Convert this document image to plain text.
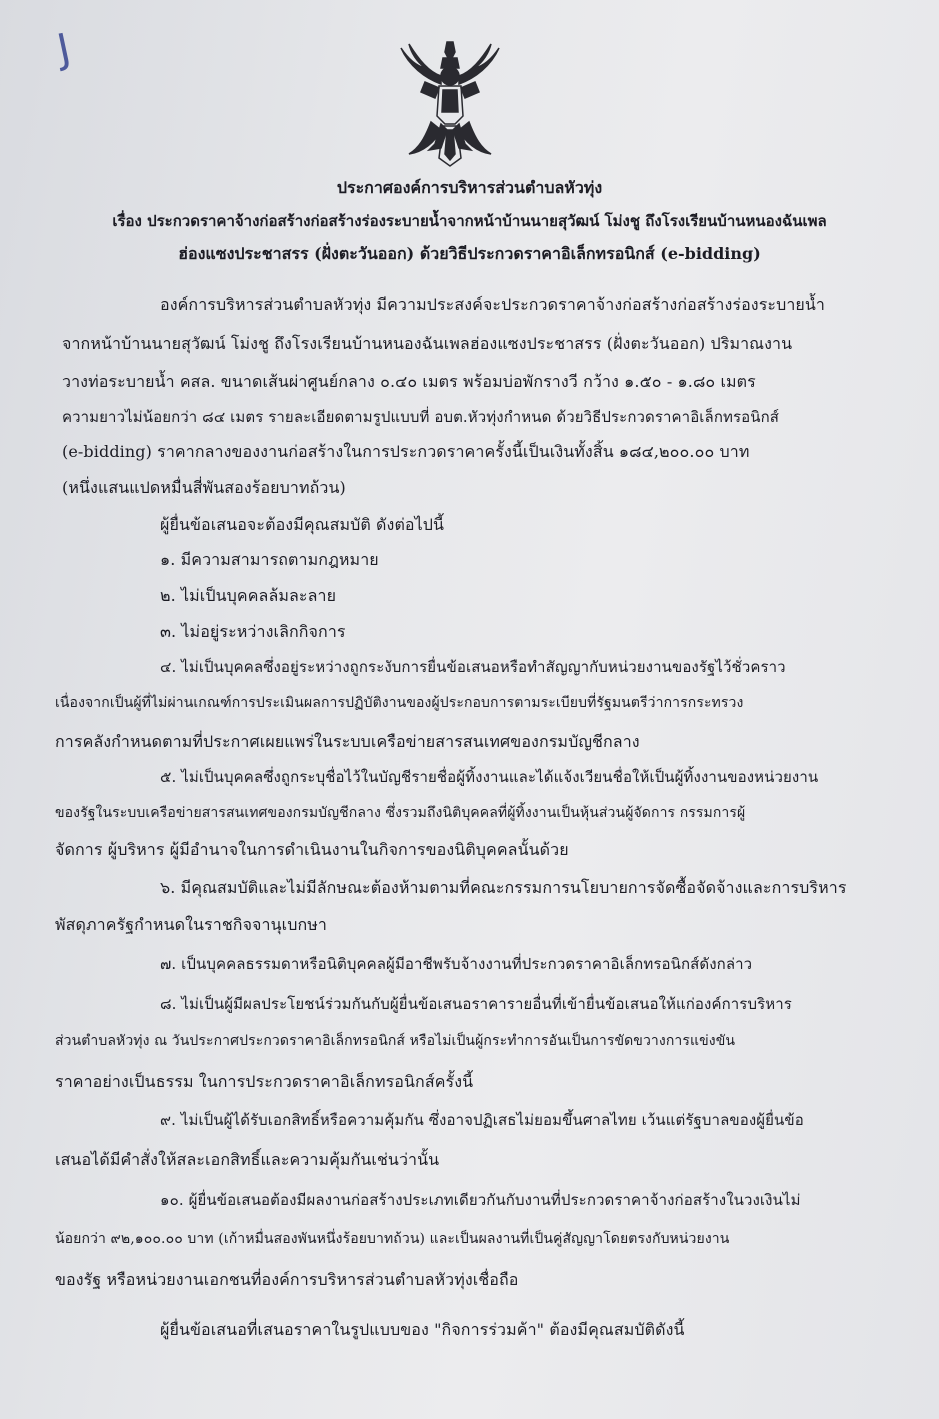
J
ประกาศองค์การบริหารส่วนตำบลหัวทุ่ง
เรื่อง ประกวดราคาจ้างก่อสร้างก่อสร้างร่องระบายน้ำจากหน้าบ้านนายสุวัฒน์ โม่งชู ถึงโรงเรียนบ้านหนองฉันเพล
ฮ่องแซงประชาสรร (ฝั่งตะวันออก) ด้วยวิธีประกวดราคาอิเล็กทรอนิกส์ (e-bidding)
องค์การบริหารส่วนตำบลหัวทุ่ง มีความประสงค์จะประกวดราคาจ้างก่อสร้างก่อสร้างร่องระบายน้ำ
จากหน้าบ้านนายสุวัฒน์ โม่งชู ถึงโรงเรียนบ้านหนองฉันเพลฮ่องแซงประชาสรร (ฝั่งตะวันออก) ปริมาณงาน
วางท่อระบายน้ำ คสล. ขนาดเส้นผ่าศูนย์กลาง ๐.๔๐ เมตร พร้อมบ่อพักรางวี กว้าง ๑.๕๐ - ๑.๘๐ เมตร
ความยาวไม่น้อยกว่า ๘๔ เมตร รายละเอียดตามรูปแบบที่ อบต.หัวทุ่งกำหนด ด้วยวิธีประกวดราคาอิเล็กทรอนิกส์
(e-bidding) ราคากลางของงานก่อสร้างในการประกวดราคาครั้งนี้เป็นเงินทั้งสิ้น ๑๘๔,๒๐๐.๐๐ บาท
(หนึ่งแสนแปดหมื่นสี่พันสองร้อยบาทถ้วน)
ผู้ยื่นข้อเสนอจะต้องมีคุณสมบัติ ดังต่อไปนี้
๑. มีความสามารถตามกฎหมาย
๒. ไม่เป็นบุคคลล้มละลาย
๓. ไม่อยู่ระหว่างเลิกกิจการ
๔. ไม่เป็นบุคคลซึ่งอยู่ระหว่างถูกระงับการยื่นข้อเสนอหรือทำสัญญากับหน่วยงานของรัฐไว้ชั่วคราว
เนื่องจากเป็นผู้ที่ไม่ผ่านเกณฑ์การประเมินผลการปฏิบัติงานของผู้ประกอบการตามระเบียบที่รัฐมนตรีว่าการกระทรวง
การคลังกำหนดตามที่ประกาศเผยแพร่ในระบบเครือข่ายสารสนเทศของกรมบัญชีกลาง
๕. ไม่เป็นบุคคลซึ่งถูกระบุชื่อไว้ในบัญชีรายชื่อผู้ทิ้งงานและได้แจ้งเวียนชื่อให้เป็นผู้ทิ้งงานของหน่วยงาน
ของรัฐในระบบเครือข่ายสารสนเทศของกรมบัญชีกลาง ซึ่งรวมถึงนิติบุคคลที่ผู้ทิ้งงานเป็นหุ้นส่วนผู้จัดการ กรรมการผู้
จัดการ ผู้บริหาร ผู้มีอำนาจในการดำเนินงานในกิจการของนิติบุคคลนั้นด้วย
๖. มีคุณสมบัติและไม่มีลักษณะต้องห้ามตามที่คณะกรรมการนโยบายการจัดซื้อจัดจ้างและการบริหาร
พัสดุภาครัฐกำหนดในราชกิจจานุเบกษา
๗. เป็นบุคคลธรรมดาหรือนิติบุคคลผู้มีอาชีพรับจ้างงานที่ประกวดราคาอิเล็กทรอนิกส์ดังกล่าว
๘. ไม่เป็นผู้มีผลประโยชน์ร่วมกันกับผู้ยื่นข้อเสนอราคารายอื่นที่เข้ายื่นข้อเสนอให้แก่องค์การบริหาร
ส่วนตำบลหัวทุ่ง ณ วันประกาศประกวดราคาอิเล็กทรอนิกส์ หรือไม่เป็นผู้กระทำการอันเป็นการขัดขวางการแข่งขัน
ราคาอย่างเป็นธรรม ในการประกวดราคาอิเล็กทรอนิกส์ครั้งนี้
๙. ไม่เป็นผู้ได้รับเอกสิทธิ์หรือความคุ้มกัน ซึ่งอาจปฏิเสธไม่ยอมขึ้นศาลไทย เว้นแต่รัฐบาลของผู้ยื่นข้อ
เสนอได้มีคำสั่งให้สละเอกสิทธิ์และความคุ้มกันเช่นว่านั้น
๑๐. ผู้ยื่นข้อเสนอต้องมีผลงานก่อสร้างประเภทเดียวกันกับงานที่ประกวดราคาจ้างก่อสร้างในวงเงินไม่
น้อยกว่า ๙๒,๑๐๐.๐๐ บาท (เก้าหมื่นสองพันหนึ่งร้อยบาทถ้วน) และเป็นผลงานที่เป็นคู่สัญญาโดยตรงกับหน่วยงาน
ของรัฐ หรือหน่วยงานเอกชนที่องค์การบริหารส่วนตำบลหัวทุ่งเชื่อถือ
ผู้ยื่นข้อเสนอที่เสนอราคาในรูปแบบของ "กิจการร่วมค้า" ต้องมีคุณสมบัติดังนี้
